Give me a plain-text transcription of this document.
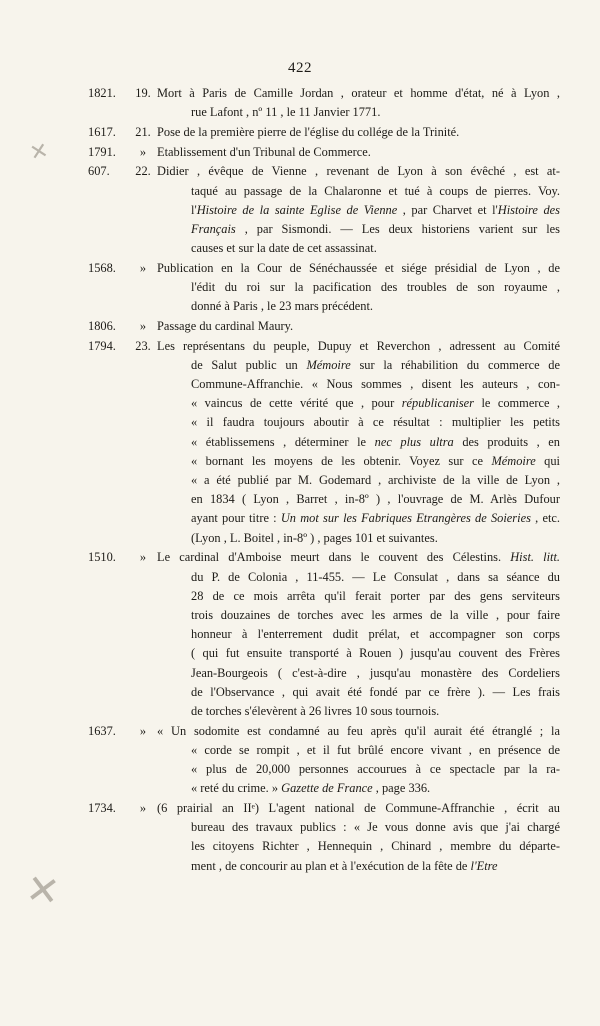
422
✕
✕
1821.	19. Mort à Paris de Camille Jordan , orateur et homme d'état, né à Lyon ,
rue Lafont , nº 11 , le 11 Janvier 1771.
1617.	21. Pose de la première pierre de l'église du collége de la Trinité.
1791.	» Etablissement d'un Tribunal de Commerce.
607.	22. Didier , évêque de Vienne , revenant de Lyon à son évêché , est at-
taqué au passage de la Chalaronne et tué à coups de pierres. Voy.
l'Histoire de la sainte Eglise de Vienne , par Charvet et l'Histoire des
Français , par Sismondi. — Les deux historiens varient sur les
causes et sur la date de cet assassinat.
1568.	» Publication en la Cour de Sénéchaussée et siége présidial de Lyon , de
l'édit du roi sur la pacification des troubles de son royaume ,
donné à Paris , le 23 mars précédent.
1806.	» Passage du cardinal Maury.
1794.	23. Les représentans du peuple, Dupuy et Reverchon , adressent au Comité
de Salut public un Mémoire sur la réhabilition du commerce de
Commune-Affranchie. « Nous sommes , disent les auteurs , con-
« vaincus de cette vérité que , pour républicaniser le commerce ,
« il faudra toujours aboutir à ce résultat : multiplier les petits
« établissemens , déterminer le nec plus ultra des produits , en
« bornant les moyens de les obtenir. Voyez sur ce Mémoire qui
« a été publié par M. Godemard , archiviste de la ville de Lyon ,
en 1834 ( Lyon , Barret , in-8º ) , l'ouvrage de M. Arlès Dufour
ayant pour titre : Un mot sur les Fabriques Etrangères de Soieries , etc.
(Lyon , L. Boitel , in-8º ) , pages 101 et suivantes.
1510.	» Le cardinal d'Amboise meurt dans le couvent des Célestins. Hist. litt.
du P. de Colonia , 11-455. — Le Consulat , dans sa séance du
28 de ce mois arrêta qu'il ferait porter par des gens serviteurs
trois douzaines de torches avec les armes de la ville , pour faire
honneur à l'enterrement dudit prélat, et accompagner son corps
( qui fut ensuite transporté à Rouen ) jusqu'au couvent des Frères
Jean-Bourgeois ( c'est-à-dire , jusqu'au monastère des Cordeliers
de l'Observance , qui avait été fondé par ce frère ). — Les frais
de torches s'élevèrent à 26 livres 10 sous tournois.
1637.	» « Un sodomite est condamné au feu après qu'il aurait été étranglé ; la
« corde se rompit , et il fut brûlé encore vivant , en présence de
« plus de 20,000 personnes accourues à ce spectacle par la ra-
« reté du crime. » Gazette de France , page 336.
1734.	» (6 prairial an IIᵉ) L'agent national de Commune-Affranchie , écrit au
bureau des travaux publics : « Je vous donne avis que j'ai chargé
les citoyens Richter , Hennequin , Chinard , membre du départe-
ment , de concourir au plan et à l'exécution de la fête de l'Etre
